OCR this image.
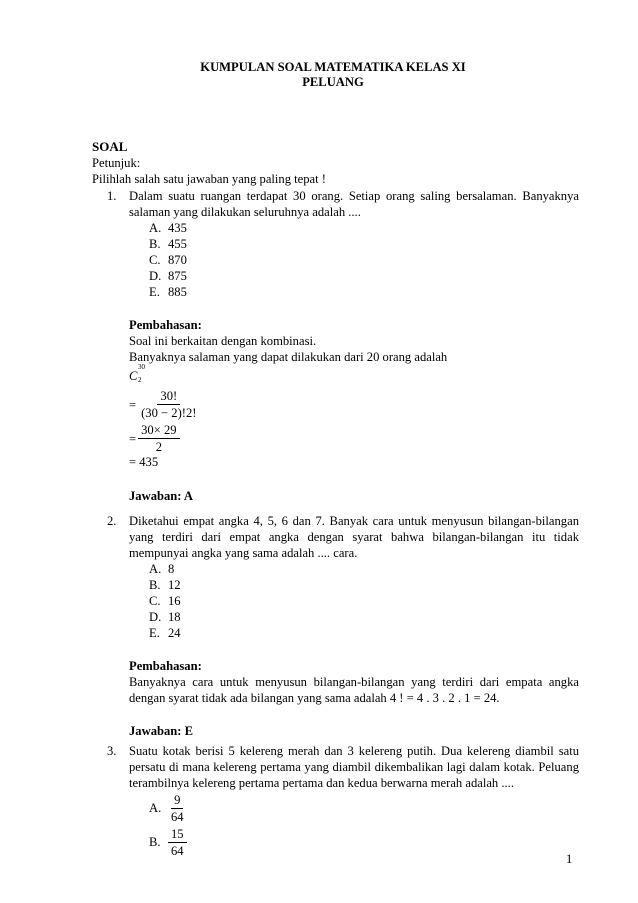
KUMPULAN SOAL MATEMATIKA KELAS XI
PELUANG
SOAL
Petunjuk:
Pilihlah salah satu jawaban yang paling tepat !
1. Dalam suatu ruangan terdapat 30 orang. Setiap orang saling bersalaman. Banyaknya salaman yang dilakukan seluruhnya adalah ....
A. 435
B. 455
C. 870
D. 875
E. 885
Pembahasan:
Soal ini berkaitan dengan kombinasi.
Banyaknya salaman yang dapat dilakukan dari 20 orang adalah
C
30
2
= $\frac{30!}{(30 - 2)!2!}$
= $\frac{30\times 29}{2}$
= 435
Jawaban: A
2. Diketahui empat angka 4, 5, 6 dan 7. Banyak cara untuk menyusun bilangan-bilangan yang terdiri dari empat angka dengan syarat bahwa bilangan-bilangan itu tidak mempunyai angka yang sama adalah .... cara.
A. 8
B. 12
C. 16
D. 18
E. 24
Pembahasan:
Banyaknya cara untuk menyusun bilangan-bilangan yang terdiri dari empata angka dengan syarat tidak ada bilangan yang sama adalah 4 ! = 4 . 3 . 2 . 1 = 24.
Jawaban: E
3. Suatu kotak berisi 5 kelereng merah dan 3 kelereng putih. Dua kelereng diambil satu persatu di mana kelereng pertama yang diambil dikembalikan lagi dalam kotak. Peluang terambilnya kelereng pertama pertama dan kedua berwarna merah adalah ....
A. $\frac{9}{64}$
B. $\frac{15}{64}$
1
